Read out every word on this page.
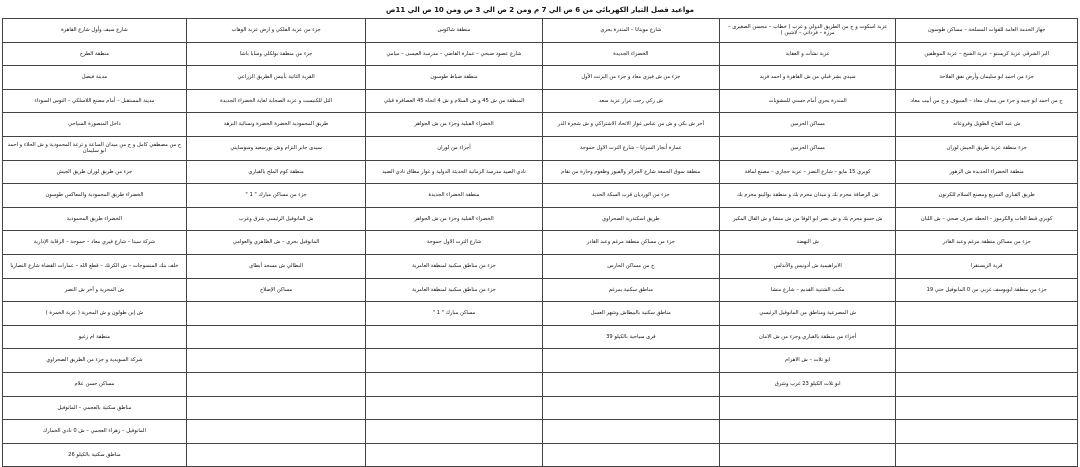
مواعيد فصل التيار الكهربائي من 6 ص الي 7 م ومن 2 ص الي 3 ص ومن 10 ص الي 11ص
جهاز الخدمة العامة للقوات المسلحة – مساكن طوسون	عزبة اسكوت و ج من الطريق الدولي و غرب ( خطاب – محسن الصغيرى – مرزة – فرداني – لاشين )	شارع مويناتا – المندرة بحري	منطقة شاكوس	جزء من عزبة الفلكي و ارض عزبة الوهاب	شارع سيف وأول شارع القاهرة
البر الشرقي عزبة كريستو – عزبة الشيخ – عزبة الموظفين	عزبة نشأت و العقاية	الخضراء الجديدة	شارع عصود صبحي – عمارة القاضي – مدرسة العيسى – ميامي	جزء من منطقة بولكلي وسابا باشا	منطقة الطرح
جزء من احمد ابو سليمان وأرض نفق الفلاحة	سيدي بشر قبلي من ش القاهرة و احمد فريد	جزء من ش فيري معاد و جزء من البرنت الأول	منطقة ضباط طوسون	القرية الثانية بأبيس الطريق الزراعي	مدينة فيصل
ج من احمد ابو جبيه و جزء من ميدان معاذ – السيوف و ج من أبيب معاد	المندرة بحري أمام حسني للمشويات	ش زكي رجب غرار عزبة سعد	المنطقة من ش 45 و ش السلام و ش 4 اتجاه 45 العصافرة قبلي	التل للكنيست و عزبة الصحابة لغاية الخضراء الجديدة	مدينة المستقبل – أمام مصنع اللاسلكي – التوس السوداء
ش عبد الفتاح الطويل وفروعاته	مساكن الحرمين	آخر ش بكي و ش من عباس غوار الاتحاد الاشتراكي و ش شجرة الدر	الخضراء القبلية وجزء من ش الجواهر	طريق المحمودية الخضرة الخضرة ونسائية النزهة	داخل المنصورة السياحي
جزء منطقة عزبة طريق الجيش لوران	مساكن الحرمين	عمارة أنجار السرايا – شارع الترت الاول حموجة	أجزاء من لوران	سيدى جابر النزام وش بورسعيد وسوسايتي	ج من مصطفي كامل و ج من ميدان الساعة و ترعة المحمودية و ش الحلاء و احمد ابو سليمان
منطقة الخضراء الجديدة ش الزهور	كوبري 15 مايو – شارع النصر – عزبة حجازي – مصنع لمافة	منطقة سوق الجمعة شارع الجزائر والفيوز وظعوم وحارة من نقام	نادي الصيد مدرسة الزمانية الحديثة الدولية و غوار مطاق نادي الصيد	منطقة كوم الملح بالقباري	جزء من طريق لوران طريق الجيش
طريق القباري السريع ومصنع السلام للكرتون	ش الرصافة محرم بك و ميدان محرم بك و منطقة بوالينو محرم بك	جزء من الورديان قرب السكة الحديد	منطقة الخضراء الجديدة	جزء من مساكن مبارك " 1 "	الخضراء طريق المحمودية والمعاكس طوسون
كوبري قبط العاب والكرموز – الحطة صرف صحي – ش اللبان	ش حسو محرم بك و ش نصر ابو الوفا من ش منشا و ش القال المكير	طريق اسكندرية الصحراوي	الخضراء القبلية وجزء من ش الجواهر	ش المانوفيل الرئيسي شرق وغرب	الخضراء طريق المحمودية
جزء من مساكن منطقة مرغم وعبد القادر	ش النهضة	جزء من مساكن منطقة مرغم وعبد القادر	شارع الترت الاول حموجة	المانوفيل بحري – ش الظاهري والعوامي	شركة سيتا – شارع فيري معاد – حموجة – الرقابة الإدارية
قرية الريسنقرا	الابراهيمية ش أدونيس والأندلس	ج من مساكن الحارس	جزء من مناطق سكنية لمنطقة العامرية	البطالي ش مسجد أبطاي	خلف بنك المنسوجات – ش الكرنك – قطع الله – عمارات القضاة شارع النصاريا
جزء من منطقة ابويوسف غربي من 0 المانوفيل حتي 19	مكتب الشتبية القديم – شارع منشا	مناطق سكنية بمرغم	جزء من مناطق سكنية لمنطقة العامرية	مساكن الإصلاح	ش المحرية و آخر ش النصر
	ش المصرعية ومناطق من المانوفيل الرئيسي	مناطق سكنية بالبيطاش وشهر العسل	مساكن مبارك " 1 "		ش إبن طولون و ش المحرية ( عزبة الخمرة )
	أجزاء من منطقة بالقباري وجزء من ش الامان	قرى سياحية بالكيلو 39			منطقة ام زغيو
	ابو تلات – ش الاهرام				شركة السويدية و جزء من الطريق الصحراوي
	ابو تلات الكيلو 23 غرب وشرق				مساكن حسن علام
					مناطق سكنية بالعجمي – المانوفيل
					المانوفيل – زهراء العجمي – ش 0 نادي الخمارك
					مناطق سكنية بالكيلو 26
